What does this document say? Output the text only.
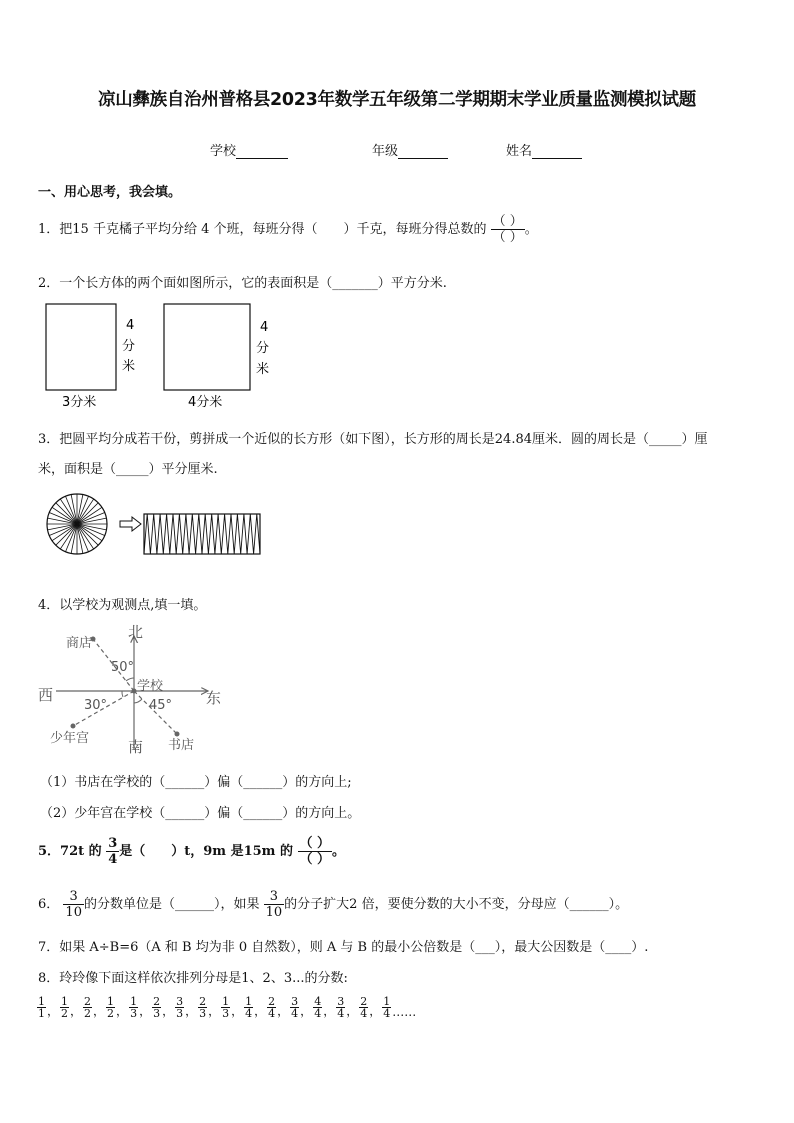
凉山彝族自治州普格县2023年数学五年级第二学期期末学业质量监测模拟试题
学校	年级	姓名
一、用心思考，我会填。
1．把15 千克橘子平均分给 4 个班，每班分得（　　）千克，每班分得总数的 $\frac{( )}{( )}$ 。
2．一个长方体的两个面如图所示，它的表面积是（_______）平方分米.
4
分
米
3分米
4
分
米
4分米
3．把圆平均分成若干份，剪拼成一个近似的长方形（如下图），长方形的周长是24.84厘米．圆的周长是（_____）厘
米，面积是（_____）平分厘米.
4．以学校为观测点,填一填。
北
南
东
西	学校
商店
书店
少年宫
50°
30°	45°
（1）书店在学校的（______）偏（______）的方向上;
（2）少年宫在学校（______）偏（______）的方向上。
5．72t 的 $\frac{3}{4}$ 是（　　）t，9m 是15m 的 $\frac{( )}{( )}$ 。
6． $\frac{3}{10}$ 的分数单位是（______），如果 $\frac{3}{10}$ 的分子扩大2 倍，要使分数的大小不变，分母应（______）。
7．如果 A÷B=6（A 和 B 均为非 0 自然数），则 A 与 B 的最小公倍数是（___），最大公因数是（____）.
8．玲玲像下面这样依次排列分母是1、2、3...的分数:
$\frac{1}{1}$ ， $\frac{1}{2}$ ， $\frac{2}{2}$ ， $\frac{1}{2}$ ， $\frac{1}{3}$ ， $\frac{2}{3}$ ， $\frac{3}{3}$ ， $\frac{2}{3}$ ， $\frac{1}{3}$ ， $\frac{1}{4}$ ， $\frac{2}{4}$ ， $\frac{3}{4}$ ， $\frac{4}{4}$ ， $\frac{3}{4}$ ， $\frac{2}{4}$ ， $\frac{1}{4}$ ……
